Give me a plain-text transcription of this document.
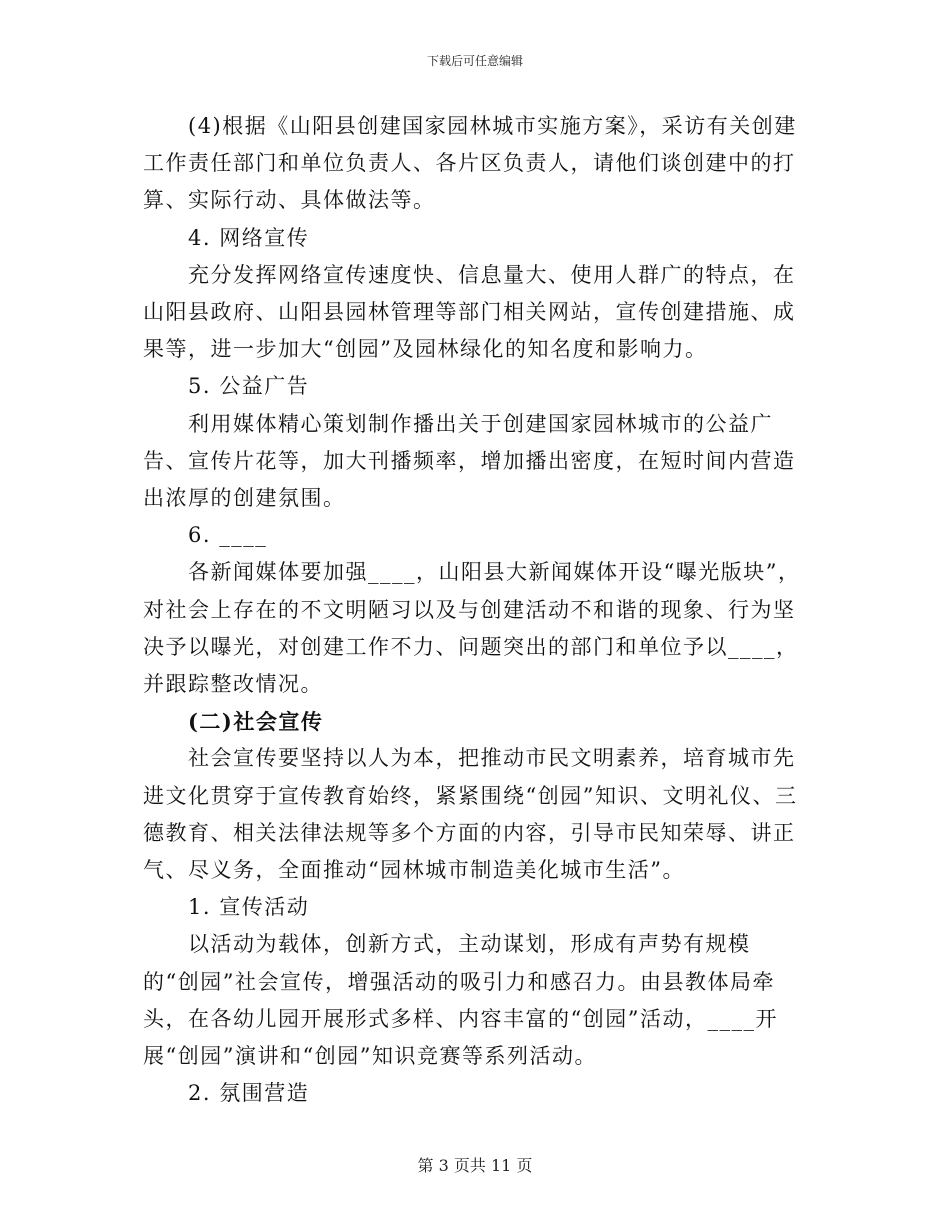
下载后可任意编辑

(4)根据《山阳县创建国家园林城市实施方案》，采访有关创建工作责任部门和单位负责人、各片区负责人，请他们谈创建中的打算、实际行动、具体做法等。

4. 网络宣传

充分发挥网络宣传速度快、信息量大、使用人群广的特点，在山阳县政府、山阳县园林管理等部门相关网站，宣传创建措施、成果等，进一步加大“创园”及园林绿化的知名度和影响力。

5. 公益广告

利用媒体精心策划制作播出关于创建国家园林城市的公益广告、宣传片花等，加大刊播频率，增加播出密度，在短时间内营造出浓厚的创建氛围。

6. ____

各新闻媒体要加强____，山阳县大新闻媒体开设“曝光版块”，对社会上存在的不文明陋习以及与创建活动不和谐的现象、行为坚决予以曝光，对创建工作不力、问题突出的部门和单位予以____，并跟踪整改情况。

(二)社会宣传

社会宣传要坚持以人为本，把推动市民文明素养，培育城市先进文化贯穿于宣传教育始终，紧紧围绕“创园”知识、文明礼仪、三德教育、相关法律法规等多个方面的内容，引导市民知荣辱、讲正气、尽义务，全面推动“园林城市制造美化城市生活”。

1. 宣传活动

以活动为载体，创新方式，主动谋划，形成有声势有规模的“创园”社会宣传，增强活动的吸引力和感召力。由县教体局牵头，在各幼儿园开展形式多样、内容丰富的“创园”活动，____开展“创园”演讲和“创园”知识竞赛等系列活动。

2. 氛围营造

第 3 页共 11 页
